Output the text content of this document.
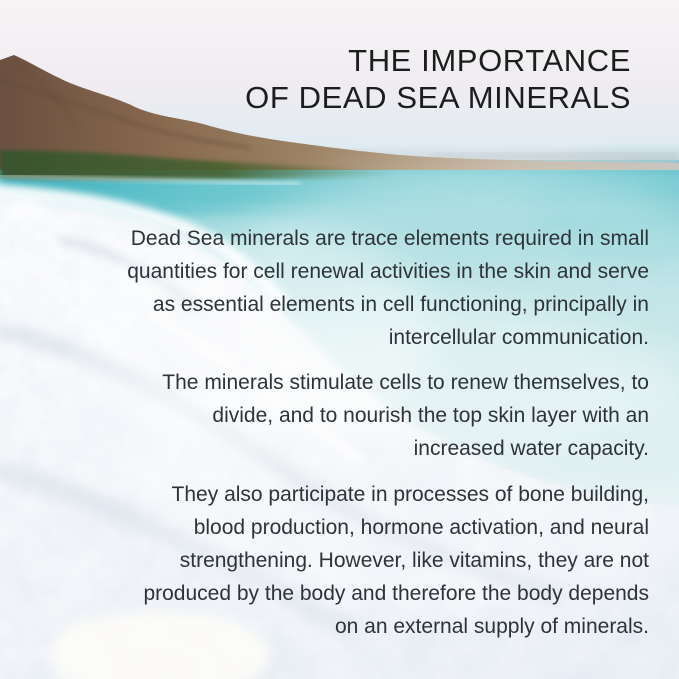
THE IMPORTANCE
OF DEAD SEA MINERALS
Dead Sea minerals are trace elements required in small
quantities for cell renewal activities in the skin and serve
as essential elements in cell functioning, principally in
intercellular communication.
The minerals stimulate cells to renew themselves, to
divide, and to nourish the top skin layer with an
increased water capacity.
They also participate in processes of bone building,
blood production, hormone activation, and neural
strengthening. However, like vitamins, they are not
produced by the body and therefore the body depends
on an external supply of minerals.
